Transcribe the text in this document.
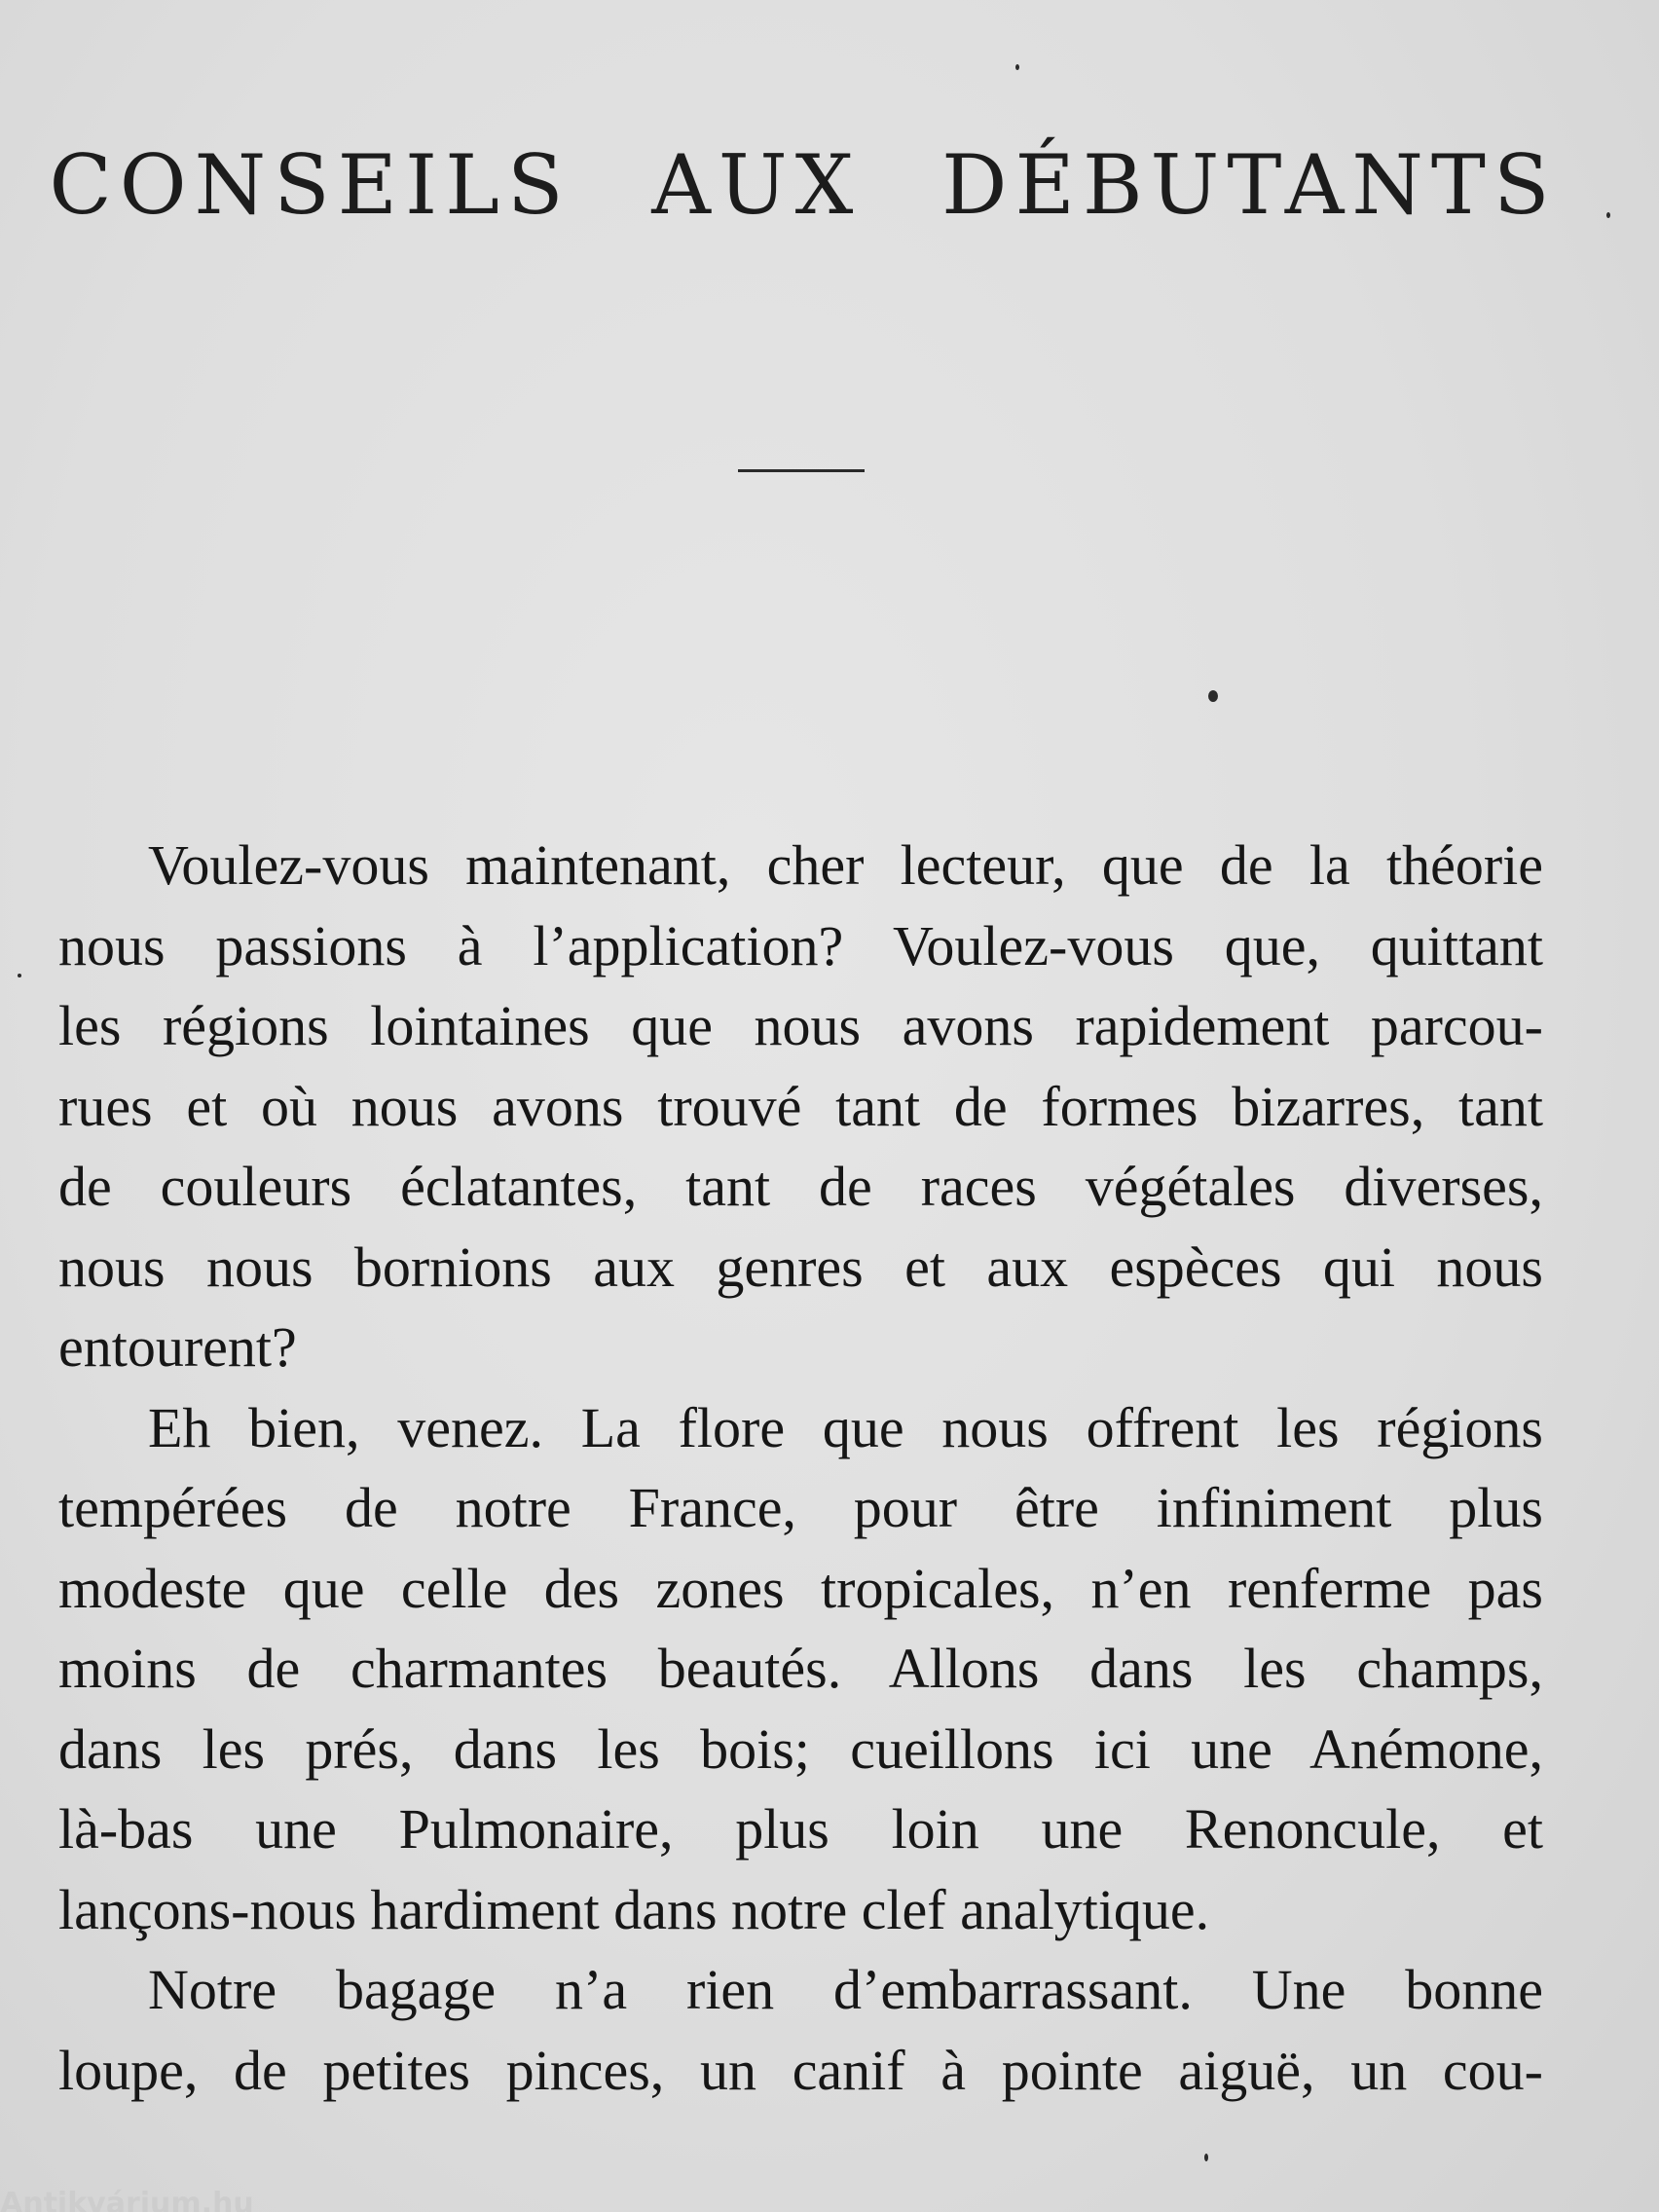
CONSEILS AUX DÉBUTANTS
Voulez-vous maintenant, cher lecteur, que de la théorie
nous passions à l’application? Voulez-vous que, quittant
les régions lointaines que nous avons rapidement parcou-
rues et où nous avons trouvé tant de formes bizarres, tant
de couleurs éclatantes, tant de races végétales diverses,
nous nous bornions aux genres et aux espèces qui nous
entourent?
Eh bien, venez. La flore que nous offrent les régions
tempérées de notre France, pour être infiniment plus
modeste que celle des zones tropicales, n’en renferme pas
moins de charmantes beautés. Allons dans les champs,
dans les prés, dans les bois; cueillons ici une Anémone,
là-bas une Pulmonaire, plus loin une Renoncule, et
lançons-nous hardiment dans notre clef analytique.
Notre bagage n’a rien d’embarrassant. Une bonne
loupe, de petites pinces, un canif à pointe aiguë, un cou-
Antikvárium.hu
